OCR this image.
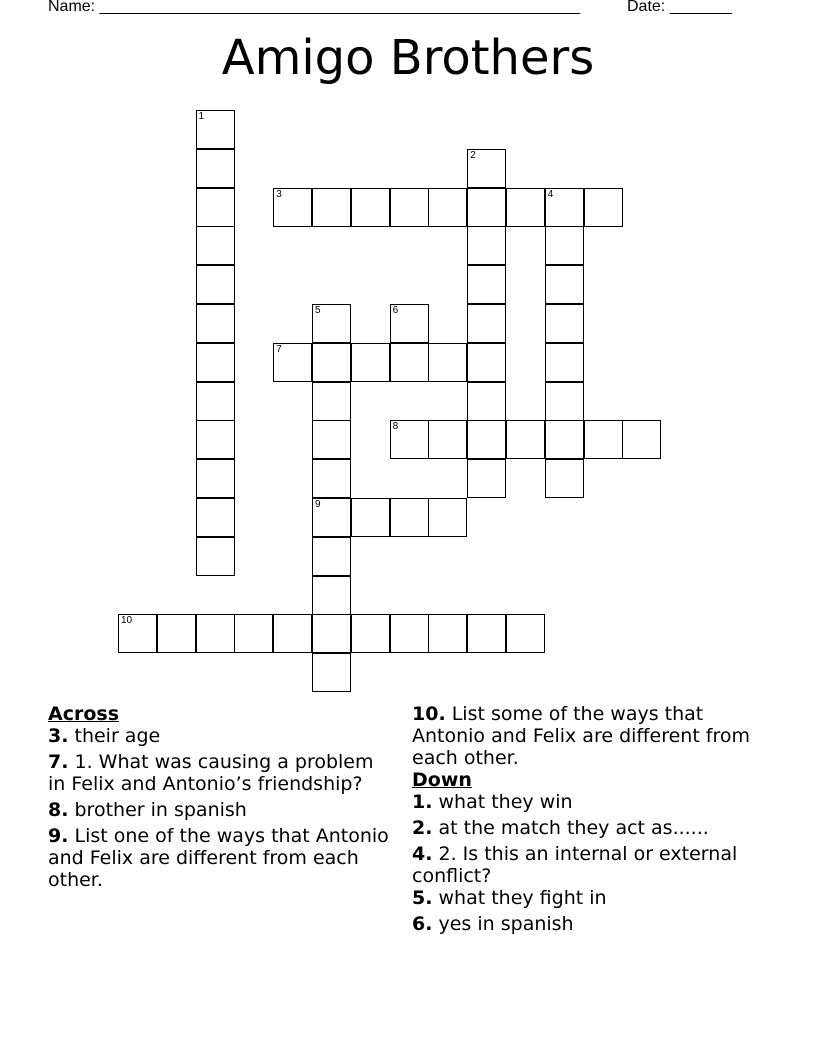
Name: ______________________________________________________	Date: _______
Amigo Brothers
1
2
3	4
5
9
6
7
8
10
Across
3. their age
7. 1. What was causing a problem in Felix and Antonio’s friendship?
8. brother in spanish
9. List one of the ways that Antonio and Felix are different from each other.
10. List some of the ways that Antonio and Felix are different from each other.
Down
1. what they win
2. at the match they act as......
4. 2. Is this an internal or external conflict?
5. what they fight in
6. yes in spanish
